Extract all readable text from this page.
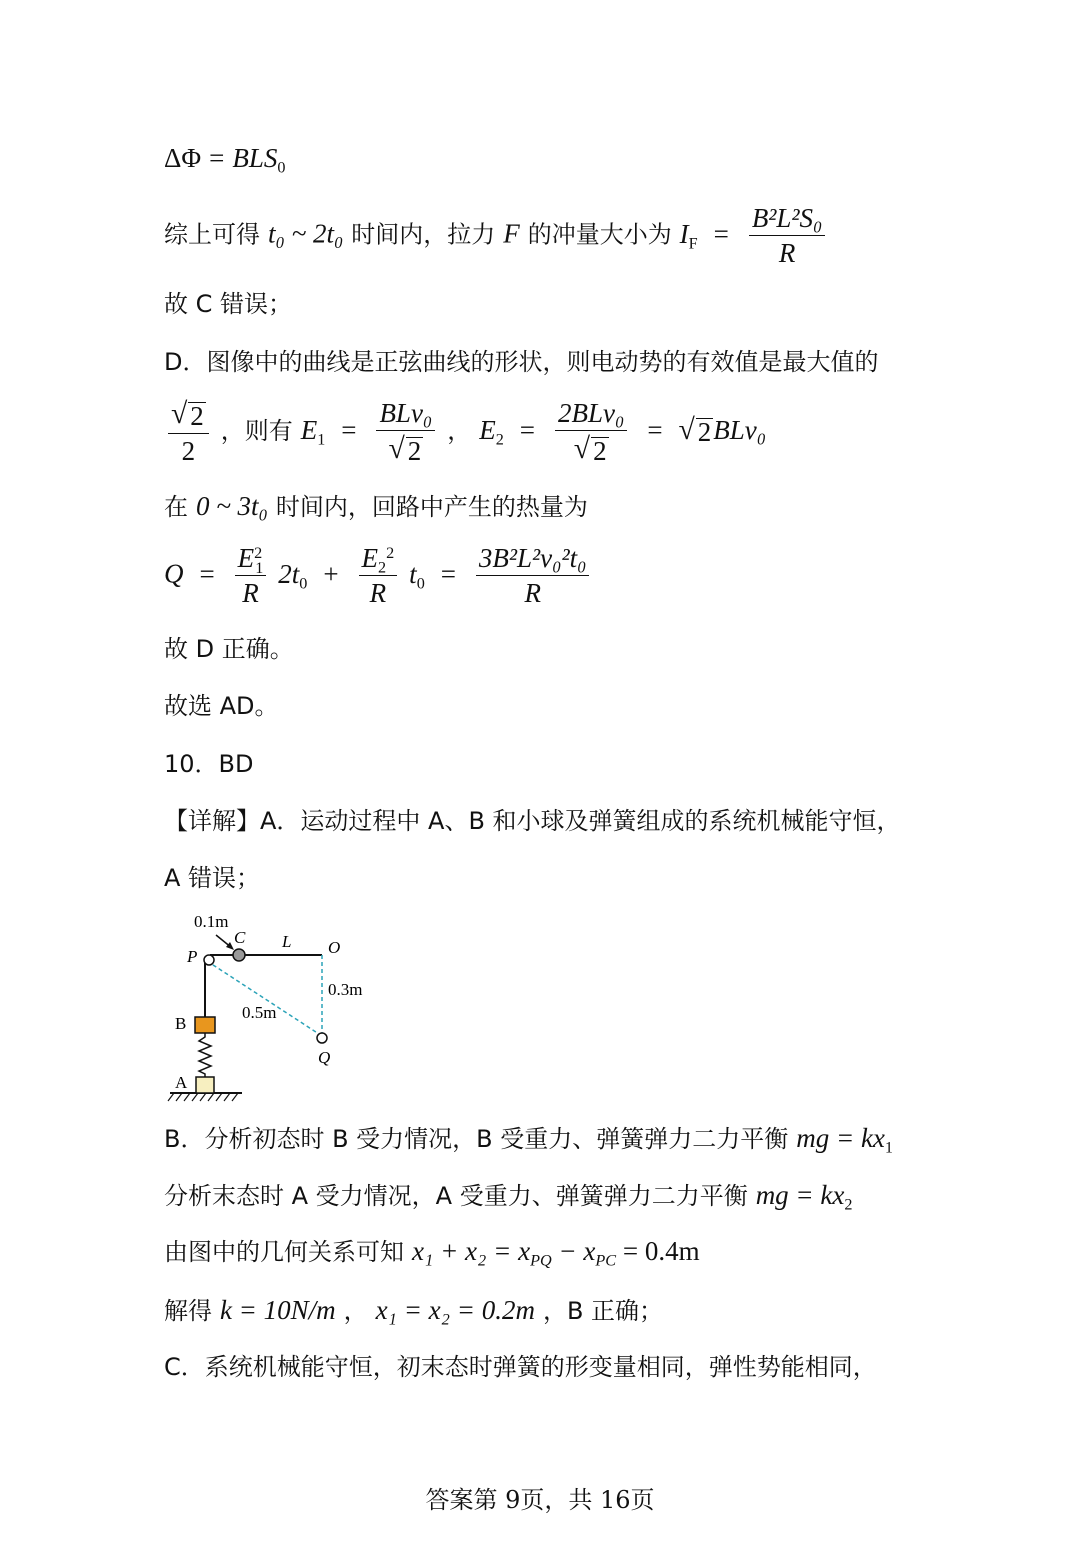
$\Delta\Phi = BLS_0$
综上可得 t₀ ~ 2t₀ 时间内，拉力 F 的冲量大小为 $I_F = \frac{\text{B²L²S₀}}{R}$
故 C 错误；
D．图像中的曲线是正弦曲线的形状，则电动势的有效值是最大值的
$\frac{√ 2}{2}$ ，则有 $E_1 = \frac{\text{BLv₀}}{√ 2}$ ， $E_2 = \frac{\text{2BLv₀}}{√ 2}$ = √ 2 BLv₀
在 0 ~ 3t₀ 时间内，回路中产生的热量为
$Q = \frac{E^2_1}{R} 2t_0 + \frac{E_2^2}{R} t_0 = \frac{\text{3B²L²v₀²t₀}}{R}$
故 D 正确。
故选 AD。
10．BD
【详解】A．运动过程中 A、B 和小球及弹簧组成的系统机械能守恒，
A 错误；
0.1m
C L O
P
0.3m
0.5m
B
Q
A
B．分析初态时 B 受力情况，B 受重力、弹簧弹力二力平衡 mg = $kx_1$
分析末态时 A 受力情况，A 受重力、弹簧弹力二力平衡 mg = $kx_2$
由图中的几何关系可知 $x_1 + x_2 = x_{PQ} - x_{PC} = 0.4m$
解得 k = 10N/m ， x₁ = x₂ = 0.2m ，B 正确；
C．系统机械能守恒，初末态时弹簧的形变量相同，弹性势能相同，
答案第 9页，共 16页
